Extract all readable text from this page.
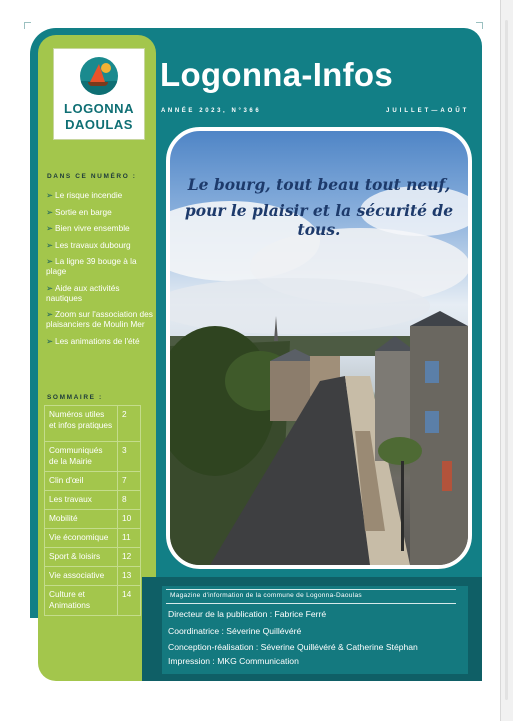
LOGONNA
DAOULAS
Logonna-Infos
ANNÉE 2023, N°366	JUILLET—AOÛT
Le bourg, tout beau tout neuf,
pour le plaisir et la sécurité de tous.
DANS CE NUMÉRO :
➢ Le risque incendie
➢ Sortie en barge
➢ Bien vivre ensemble
➢ Les travaux dubourg
➢ La ligne 39 bouge à la plage
➢ Aide aux activités nautiques
➢ Zoom sur l'association des plaisanciers de Moulin Mer
➢ Les animations de l'été
SOMMAIRE :
Numéros utiles et infos pratiques	2
Communiqués de la Mairie	3
Clin d'œil	7
Les travaux	8
Mobilité	10
Vie économique	11
Sport & loisirs	12
Vie associative	13
Culture et Animations	14	Magazine d'information de la commune de Logonna-Daoulas
Directeur de la publication : Fabrice Ferré
Coordinatrice : Séverine Quillévéré
Conception-réalisation : Séverine Quillévéré & Catherine Stéphan
Impression : MKG Communication
